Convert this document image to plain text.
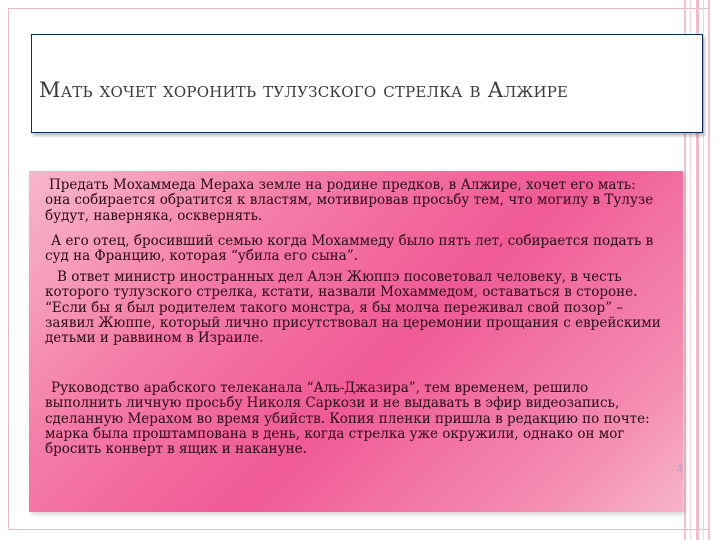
Мать хочет хоронить тулузского стрелка в Алжире
Предать Мохаммеда Мераха земле на родине предков, в Алжире, хочет его мать: она собирается обратится к властям, мотивировав просьбу тем, что могилу в Тулузе будут, наверняка, осквернять.
А его отец, бросивший семью когда Мохаммеду было пять лет, собирается подать в суд на Францию, которая “убила его сына”.
В ответ министр иностранных дел Алэн Жюппэ посоветовал человеку, в честь которого тулузского стрелка, кстати, назвали Мохаммедом, оставаться в стороне. “Если бы я был родителем такого монстра, я бы молча переживал свой позор” – заявил Жюппе, который лично присутствовал на церемонии прощания с еврейскими детьми и раввином в Израиле.
Руководство арабского телеканала “Аль-Джазира”, тем временем, решило выполнить личную просьбу Николя Саркози и не выдавать в эфир видеозапись, сделанную Мерахом во время убийств. Копия пленки пришла в редакцию по почте: марка была проштампована в день, когда стрелка уже окружили, однако он мог бросить конверт в ящик и накануне.
4
